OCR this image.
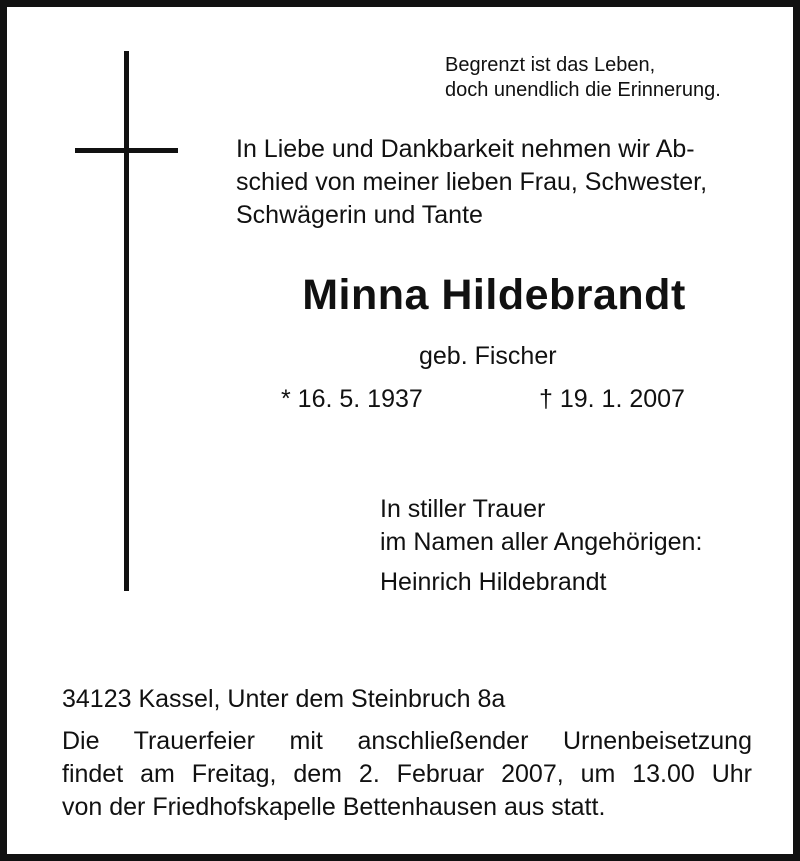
Begrenzt ist das Leben,
doch unendlich die Erinnerung.
In Liebe und Dankbarkeit nehmen wir Ab-
schied von meiner lieben Frau, Schwester,
Schwägerin und Tante
Minna Hildebrandt
geb. Fischer
* 16. 5. 1937	† 19. 1. 2007
In stiller Trauer
im Namen aller Angehörigen:
Heinrich Hildebrandt
34123 Kassel, Unter dem Steinbruch 8a
Die Trauerfeier mit anschließender Urnenbeisetzung
findet am Freitag, dem 2. Februar 2007, um 13.00 Uhr
von der Friedhofskapelle Bettenhausen aus statt.
